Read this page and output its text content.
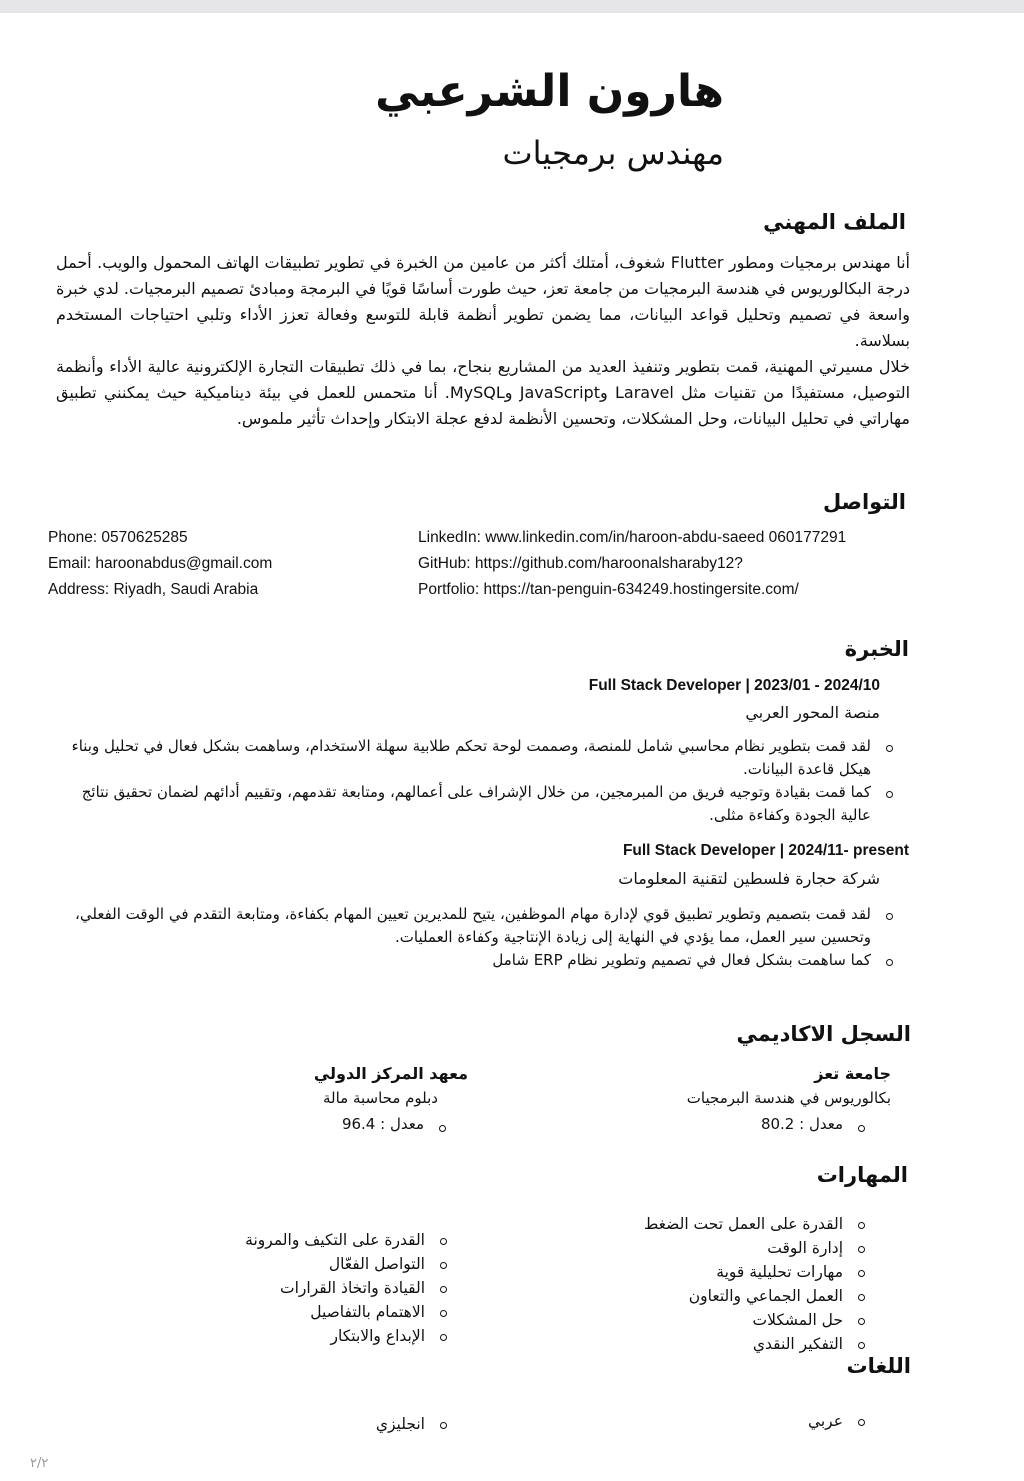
هارون الشرعبي
مهندس برمجيات
الملف المهني

أنا مهندس برمجيات ومطور Flutter شغوف، أمتلك أكثر من عامين من الخبرة في تطوير تطبيقات الهاتف المحمول والويب. أحمل درجة البكالوريوس في هندسة البرمجيات من جامعة تعز، حيث طورت أساسًا قويًا في البرمجة ومبادئ تصميم البرمجيات. لدي خبرة واسعة في تصميم وتحليل قواعد البيانات، مما يضمن تطوير أنظمة قابلة للتوسع وفعالة تعزز الأداء وتلبي احتياجات المستخدم بسلاسة.

خلال مسيرتي المهنية، قمت بتطوير وتنفيذ العديد من المشاريع بنجاح، بما في ذلك تطبيقات التجارة الإلكترونية عالية الأداء وأنظمة التوصيل، مستفيدًا من تقنيات مثل Laravel وJavaScript وMySQL. أنا متحمس للعمل في بيئة ديناميكية حيث يمكنني تطبيق مهاراتي في تحليل البيانات، وحل المشكلات، وتحسين الأنظمة لدفع عجلة الابتكار وإحداث تأثير ملموس.

التواصل
Phone: 0570625285
Email: haroonabdus@gmail.com
Address: Riyadh, Saudi Arabia
LinkedIn: www.linkedin.com/in/haroon-abdu-saeed 060177291
GitHub: https://github.com/haroonalsharaby12?
Portfolio: https://tan-penguin-634249.hostingersite.com/
الخبرة
Full Stack Developer | 2023/01 - 2024/10
منصة المحور العربي
لقد قمت بتطوير نظام محاسبي شامل للمنصة، وصممت لوحة تحكم طلابية سهلة الاستخدام، وساهمت بشكل فعال في تحليل وبناء هيكل قاعدة البيانات.
كما قمت بقيادة وتوجيه فريق من المبرمجين، من خلال الإشراف على أعمالهم، ومتابعة تقدمهم، وتقييم أدائهم لضمان تحقيق نتائج عالية الجودة وكفاءة مثلى.
Full Stack Developer | 2024/11- present
شركة حجارة فلسطين لتقنية المعلومات
لقد قمت بتصميم وتطوير تطبيق قوي لإدارة مهام الموظفين، يتيح للمديرين تعيين المهام بكفاءة، ومتابعة التقدم في الوقت الفعلي، وتحسين سير العمل، مما يؤدي في النهاية إلى زيادة الإنتاجية وكفاءة العمليات.
كما ساهمت بشكل فعال في تصميم وتطوير نظام ERP شامل
السجل الاكاديمي
جامعة تعز
بكالوريوس في هندسة البرمجيات
معدل : 80.2
معهد المركز الدولي
دبلوم محاسبة مالة
معدل : 96.4
المهارات
القدرة على العمل تحت الضغط
إدارة الوقت
مهارات تحليلية قوية
العمل الجماعي والتعاون
حل المشكلات
التفكير النقدي
القدرة على التكيف والمرونة
التواصل الفعّال
القيادة واتخاذ القرارات
الاهتمام بالتفاصيل
الإبداع والابتكار
اللغات
عربي
انجليزي
٢/٢
